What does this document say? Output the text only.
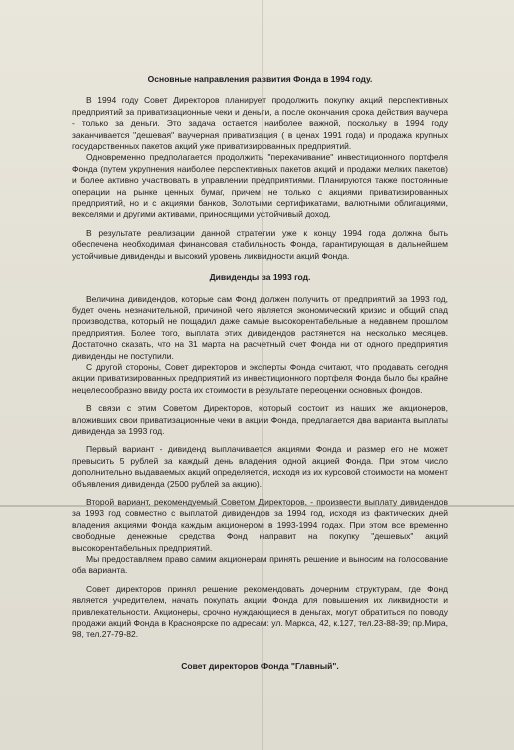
Основные направления развития Фонда в 1994 году.

В 1994 году Совет Директоров планирует продолжить покупку акций перспективных предприятий за приватизационные чеки и деньги, а после окончания срока действия ваучера - только за деньги. Это задача остается наиболее важной, поскольку в 1994 году заканчивается "дешевая" ваучерная приватизация ( в ценах 1991 года) и продажа крупных государственных пакетов акций уже приватизированных предприятий.

Одновременно предполагается продолжить "перекачивание" инвестиционного портфеля Фонда (путем укрупнения наиболее перспективных пакетов акций и продажи мелких пакетов) и более активно участвовать в управлении предприятиями. Планируются также постоянные операции на рынке ценных бумаг, причем не только с акциями приватизированных предприятий, но и с акциями банков, Золотыми сертификатами, валютными облигациями, векселями и другими активами, приносящими устойчивый доход.

В результате реализации данной стратегии уже к концу 1994 года должна быть обеспечена необходимая финансовая стабильность Фонда, гарантирующая в дальнейшем устойчивые дивиденды и высокий уровень ликвидности акций Фонда.

Дивиденды за 1993 год.

Величина дивидендов, которые сам Фонд должен получить от предприятий за 1993 год, будет очень незначительной, причиной чего является экономический кризис и общий спад производства, который не пощадил даже самые высокорентабельные а недавнем прошлом предприятия. Более того, выплата этих дивидендов растянется на несколько месяцев. Достаточно сказать, что на 31 марта на расчетный счет Фонда ни от одного предприятия дивиденды не поступили.

С другой стороны, Совет директоров и эксперты Фонда считают, что продавать сегодня акции приватизированных предприятий из инвестиционного портфеля Фонда было бы крайне нецелесообразно ввиду роста их стоимости в результате переоценки основных фондов.

В связи с этим Советом Директоров, который состоит из наших же акционеров, вложивших свои приватизационные чеки в акции Фонда, предлагается два варианта выплаты дивиденда за 1993 год.

Первый вариант - дивиденд выплачивается акциями Фонда и размер его не может превысить 5 рублей за каждый день владения одной акцией Фонда. При этом число дополнительно выдаваемых акций определяется, исходя из их курсовой стоимости на момент объявления дивиденда (2500 рублей за акцию).

Второй вариант, рекомендуемый Советом Директоров, - произвести выплату дивидендов за 1993 год совместно с выплатой дивидендов за 1994 год, исходя из фактических дней владения акциями Фонда каждым акционером в 1993-1994 годах. При этом все временно свободные денежные средства Фонд направит на покупку "дешевых" акций высокорентабельных предприятий.

Мы предоставляем право самим акционерам принять решение и выносим на голосование оба варианта.

Совет директоров принял решение рекомендовать дочерним структурам, где Фонд является учредителем, начать покупать акции Фонда для повышения их ликвидности и привлекательности. Акционеры, срочно нуждающиеся в деньгах, могут обратиться по поводу продажи акций Фонда в Красноярске по адресам: ул. Маркса, 42, к.127, тел.23-88-39; пр.Мира, 98, тел.27-79-82.

Совет директоров Фонда "Главный".
